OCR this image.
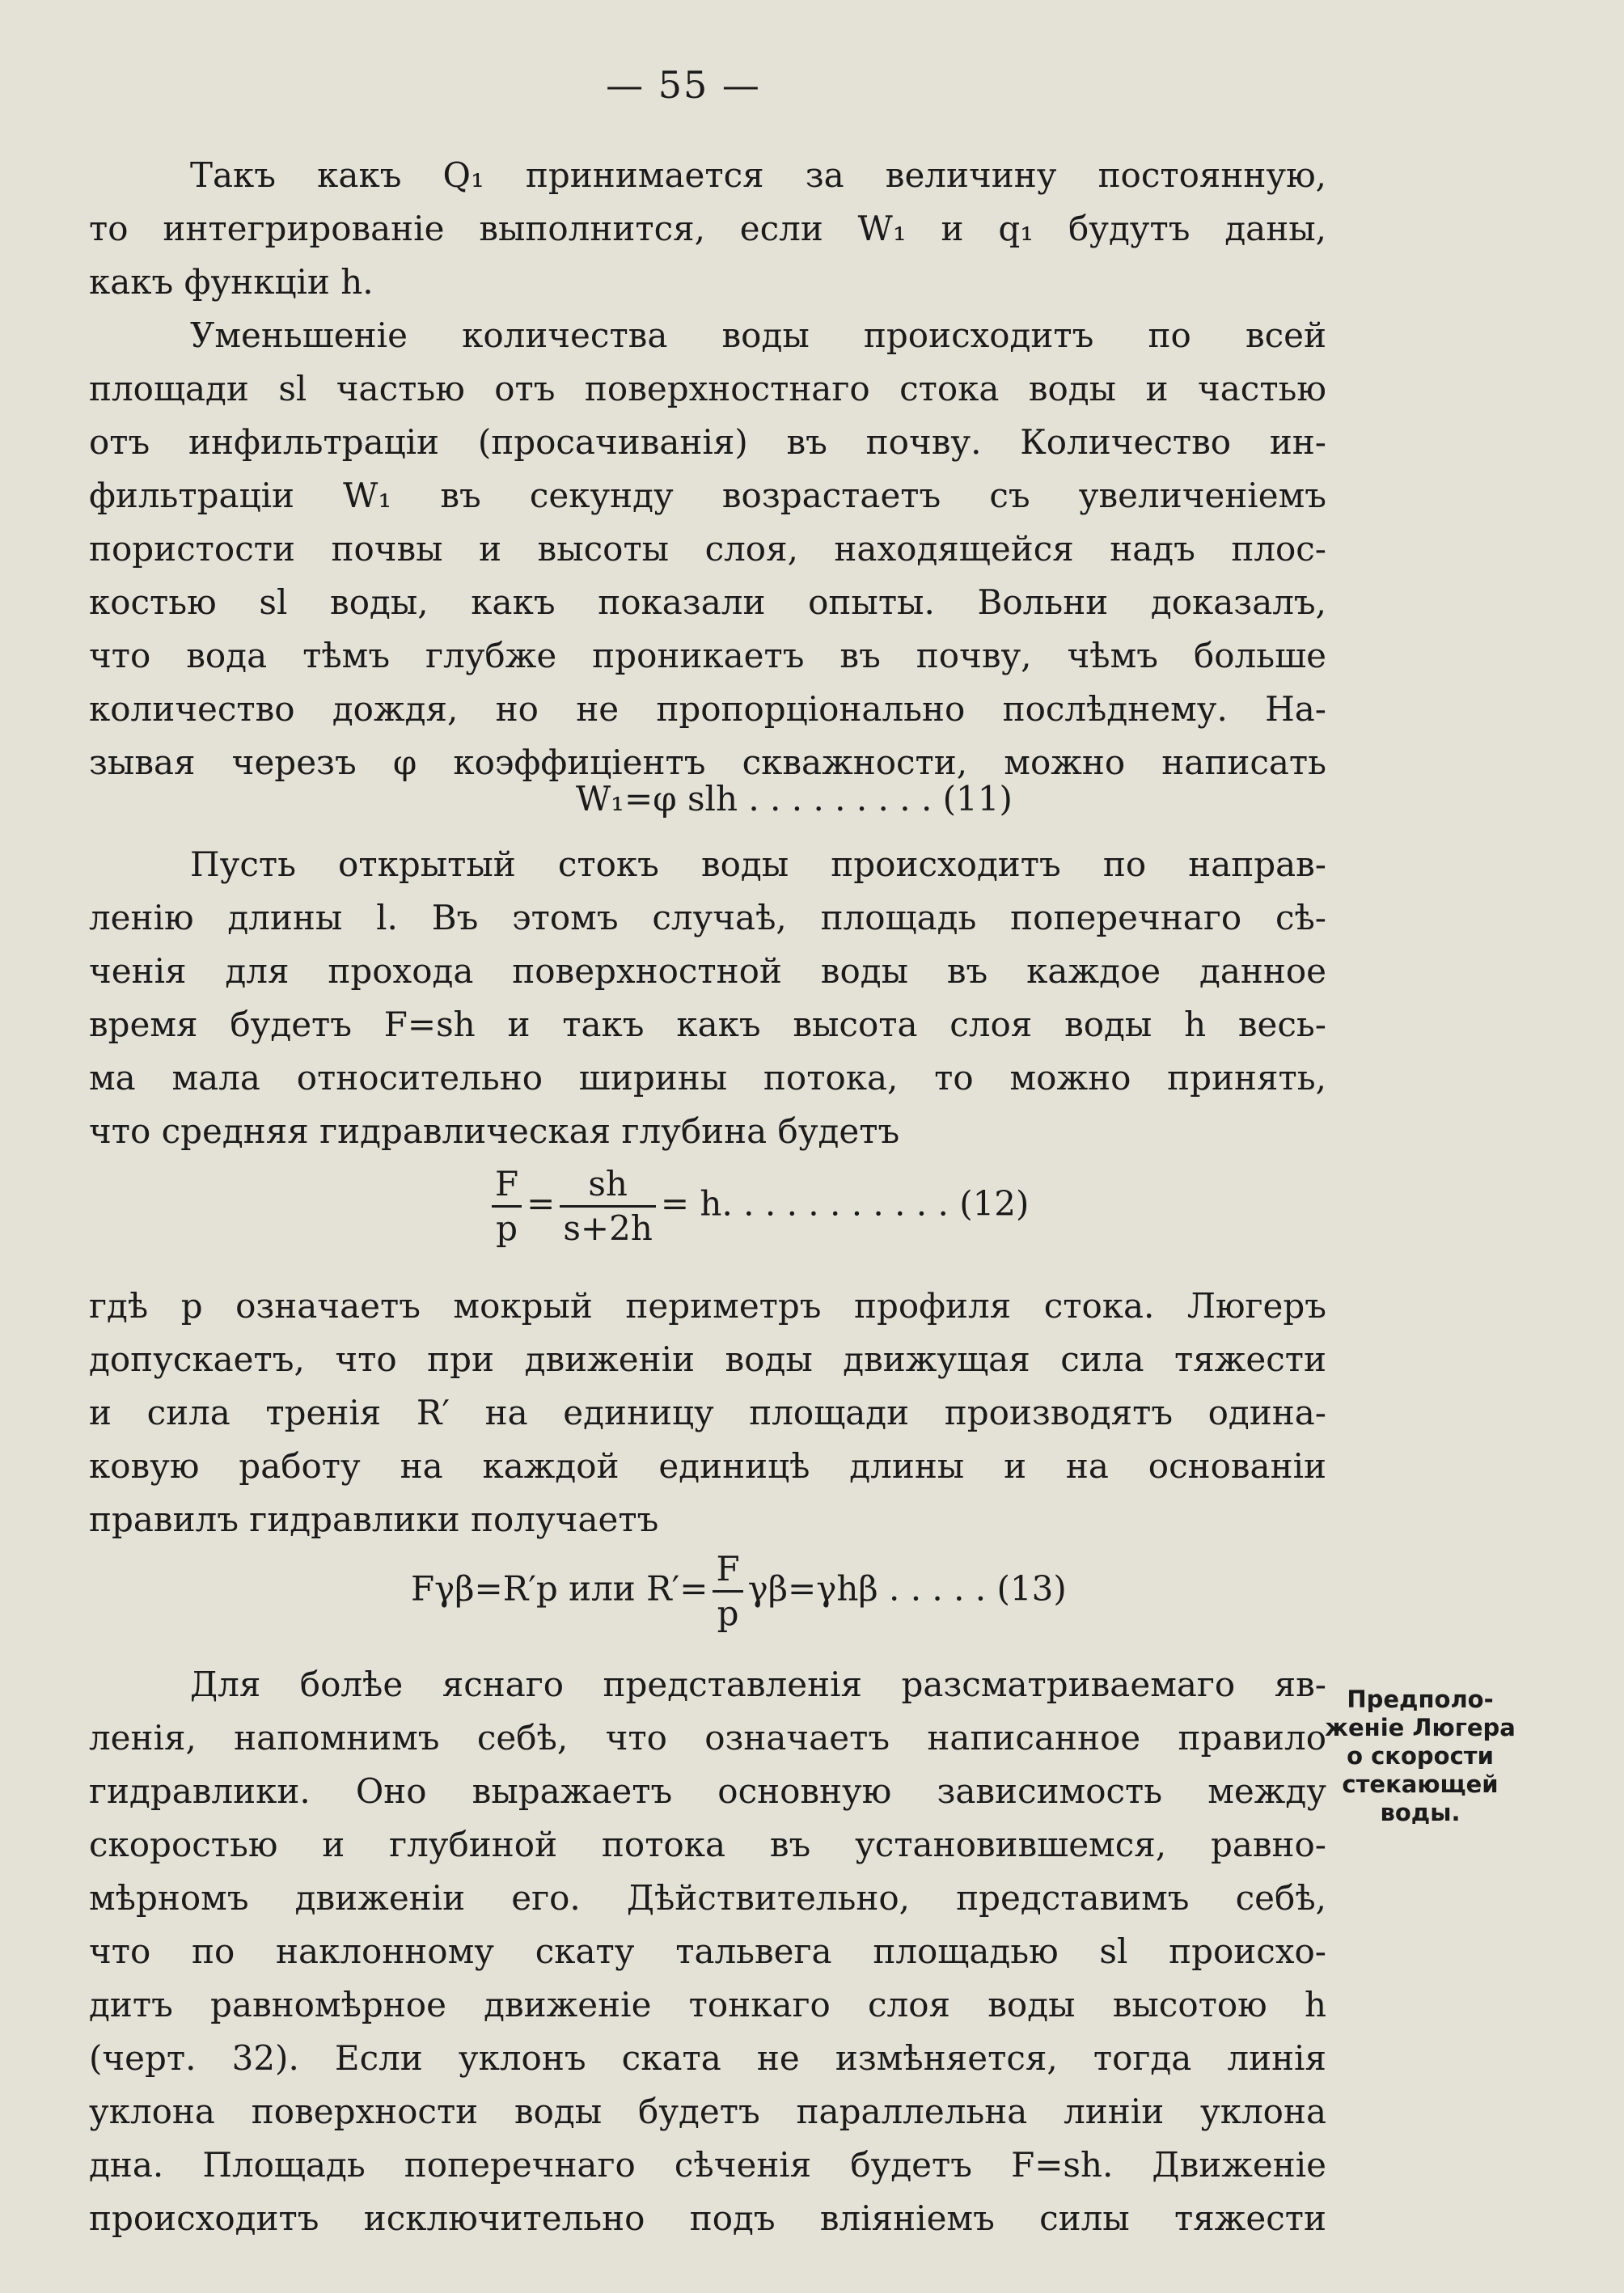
— 55 —
Такъ какъ Q₁ принимается за величину постоянную,
то интегрированіе выполнится, если W₁ и q₁ будутъ даны,
какъ функціи h.
Уменьшеніе количества воды происходитъ по всей
площади sl частью отъ поверхностнаго стока воды и частью
отъ инфильтраціи (просачиванія) въ почву. Количество ин-
фильтраціи W₁ въ секунду возрастаетъ съ увеличеніемъ
пористости почвы и высоты слоя, находящейся надъ плос-
костью sl воды, какъ показали опыты. Вольни доказалъ,
что вода тѣмъ глубже проникаетъ въ почву, чѣмъ больше
количество дождя, но не пропорціонально послѣднему. На-
зывая черезъ φ коэффиціентъ скважности, можно написать
W₁=φ slh . . . . . . . . . (11)
Пусть открытый стокъ воды происходитъ по направ-
ленію длины l. Въ этомъ случаѣ, площадь поперечнаго сѣ-
ченія для прохода поверхностной воды въ каждое данное
время будетъ F=sh и такъ какъ высота слоя воды h весь-
ма мала относительно ширины потока, то можно принять,
что средняя гидравлическая глубина будетъ
$\frac{F}{p} = \frac{sh}{s+2h} = h$. . . . . . . . . . . (12)
гдѣ p означаетъ мокрый периметръ профиля стока. Люгеръ
допускаетъ, что при движеніи воды движущая сила тяжести
и сила тренія R′ на единицу площади производятъ одина-
ковую работу на каждой единицѣ длины и на основаніи
правилъ гидравлики получаетъ
Fγβ=R′p или $R'= \frac{F}{p} \gamma\beta=\gamma h\beta$ . . . . . (13)
Для болѣе яснаго представленія разсматриваемаго яв-
ленія, напомнимъ себѣ, что означаетъ написанное правило
гидравлики. Оно выражаетъ основную зависимость между
скоростью и глубиной потока въ установившемся, равно-
мѣрномъ движеніи его. Дѣйствительно, представимъ себѣ,
что по наклонному скату тальвега площадью sl происхо-
дитъ равномѣрное движеніе тонкаго слоя воды высотою h
(черт. 32). Если уклонъ ската не измѣняется, тогда линія
уклона поверхности воды будетъ параллельна линіи уклона
дна. Площадь поперечнаго сѣченія будетъ F=sh. Движеніе
происходитъ исключительно подъ вліяніемъ силы тяжести
Предполо-
женіе Люгера
о скорости
стекающей
воды.
